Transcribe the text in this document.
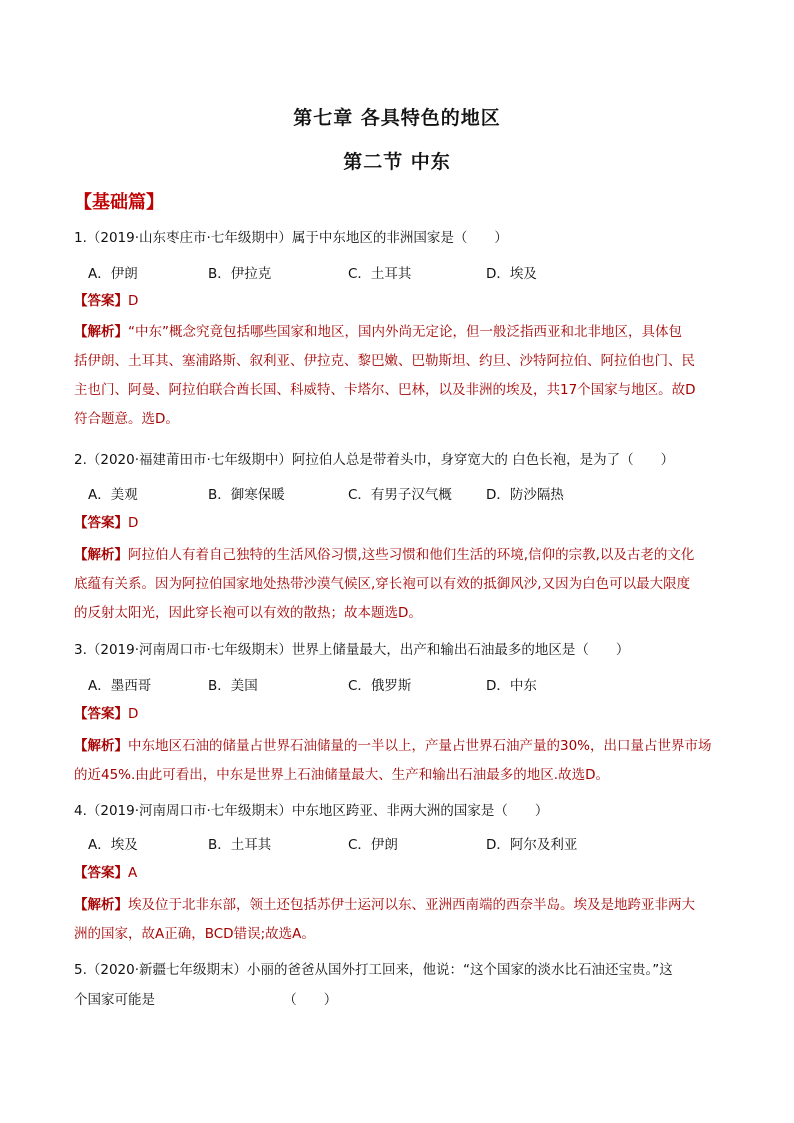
第七章 各具特色的地区
第二节 中东
【基础篇】
1.（2019·山东枣庄市·七年级期中）属于中东地区的非洲国家是（　　）
A．伊朗	B．伊拉克	C．土耳其	D．埃及
【答案】D
【解析】“中东”概念究竟包括哪些国家和地区，国内外尚无定论，但一般泛指西亚和北非地区，具体包
括伊朗、土耳其、塞浦路斯、叙利亚、伊拉克、黎巴嫩、巴勒斯坦、约旦、沙特阿拉伯、阿拉伯也门、民
主也门、阿曼、阿拉伯联合酋长国、科威特、卡塔尔、巴林，以及非洲的埃及，共17个国家与地区。故D
符合题意。选D。
2.（2020·福建莆田市·七年级期中）阿拉伯人总是带着头巾，身穿宽大的 白色长袍，是为了（　　）
A．美观	B．御寒保暖	C．有男子汉气概	D．防沙隔热
【答案】D
【解析】阿拉伯人有着自己独特的生活风俗习惯,这些习惯和他们生活的环境,信仰的宗教,以及古老的文化
底蕴有关系。因为阿拉伯国家地处热带沙漠气候区,穿长袍可以有效的抵御风沙,又因为白色可以最大限度
的反射太阳光，因此穿长袍可以有效的散热；故本题选D。
3.（2019·河南周口市·七年级期末）世界上储量最大，出产和输出石油最多的地区是（　　）
A．墨西哥	B．美国	C．俄罗斯	D．中东
【答案】D
【解析】中东地区石油的储量占世界石油储量的一半以上，产量占世界石油产量的30%，出口量占世界市场
的近45%.由此可看出，中东是世界上石油储量最大、生产和输出石油最多的地区.故选D。
4.（2019·河南周口市·七年级期末）中东地区跨亚、非两大洲的国家是（　　）
A．埃及	B．土耳其	C．伊朗	D．阿尔及利亚
【答案】A
【解析】埃及位于北非东部，领土还包括苏伊士运河以东、亚洲西南端的西奈半岛。埃及是地跨亚非两大
洲的国家，故A正确，BCD错误;故选A。
5.（2020·新疆七年级期末）小丽的爸爸从国外打工回来，他说：“这个国家的淡水比石油还宝贵。”这
个国家可能是　　　　　　　　　　（　　）
